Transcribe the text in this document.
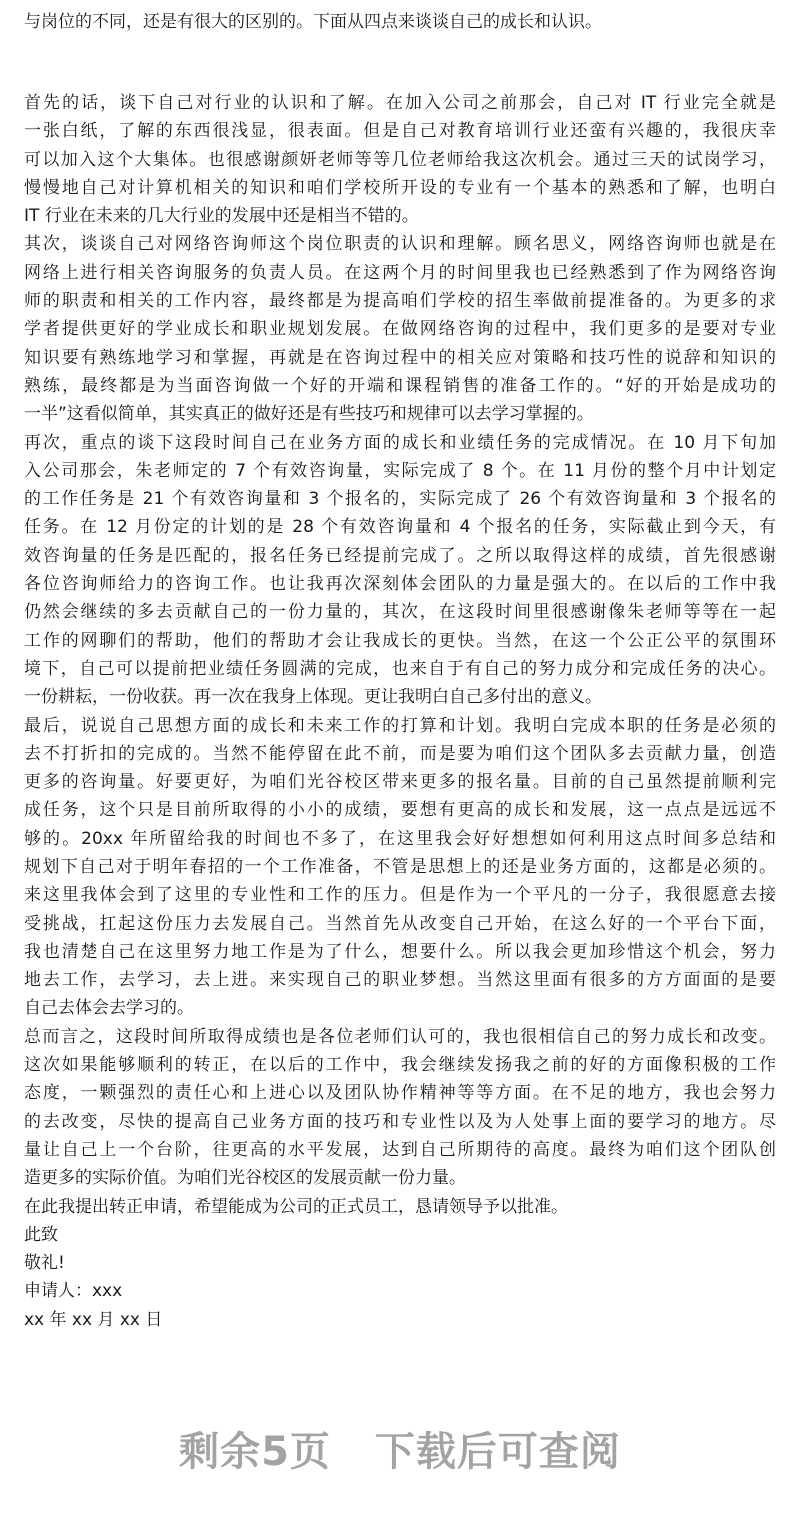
与岗位的不同，还是有很大的区别的。下面从四点来谈谈自己的成长和认识。
首先的话，谈下自己对行业的认识和了解。在加入公司之前那会，自己对 IT 行业完全就是
一张白纸，了解的东西很浅显，很表面。但是自己对教育培训行业还蛮有兴趣的，我很庆幸
可以加入这个大集体。也很感谢颜妍老师等等几位老师给我这次机会。通过三天的试岗学习，
慢慢地自己对计算机相关的知识和咱们学校所开设的专业有一个基本的熟悉和了解，也明白
IT 行业在未来的几大行业的发展中还是相当不错的。
其次，谈谈自己对网络咨询师这个岗位职责的认识和理解。顾名思义，网络咨询师也就是在
网络上进行相关咨询服务的负责人员。在这两个月的时间里我也已经熟悉到了作为网络咨询
师的职责和相关的工作内容，最终都是为提高咱们学校的招生率做前提准备的。为更多的求
学者提供更好的学业成长和职业规划发展。在做网络咨询的过程中，我们更多的是要对专业
知识要有熟练地学习和掌握，再就是在咨询过程中的相关应对策略和技巧性的说辞和知识的
熟练，最终都是为当面咨询做一个好的开端和课程销售的准备工作的。“好的开始是成功的
一半”这看似简单，其实真正的做好还是有些技巧和规律可以去学习掌握的。
再次，重点的谈下这段时间自己在业务方面的成长和业绩任务的完成情况。在 10 月下旬加
入公司那会，朱老师定的 7 个有效咨询量，实际完成了 8 个。在 11 月份的整个月中计划定
的工作任务是 21 个有效咨询量和 3 个报名的，实际完成了 26 个有效咨询量和 3 个报名的
任务。在 12 月份定的计划的是 28 个有效咨询量和 4 个报名的任务，实际截止到今天，有
效咨询量的任务是匹配的，报名任务已经提前完成了。之所以取得这样的成绩，首先很感谢
各位咨询师给力的咨询工作。也让我再次深刻体会团队的力量是强大的。在以后的工作中我
仍然会继续的多去贡献自己的一份力量的，其次，在这段时间里很感谢像朱老师等等在一起
工作的网聊们的帮助，他们的帮助才会让我成长的更快。当然，在这一个公正公平的氛围环
境下，自己可以提前把业绩任务圆满的完成，也来自于有自己的努力成分和完成任务的决心。
一份耕耘，一份收获。再一次在我身上体现。更让我明白自己多付出的意义。
最后，说说自己思想方面的成长和未来工作的打算和计划。我明白完成本职的任务是必须的
去不打折扣的完成的。当然不能停留在此不前，而是要为咱们这个团队多去贡献力量，创造
更多的咨询量。好要更好，为咱们光谷校区带来更多的报名量。目前的自己虽然提前顺利完
成任务，这个只是目前所取得的小小的成绩，要想有更高的成长和发展，这一点点是远远不
够的。20xx 年所留给我的时间也不多了，在这里我会好好想想如何利用这点时间多总结和
规划下自己对于明年春招的一个工作准备，不管是思想上的还是业务方面的，这都是必须的。
来这里我体会到了这里的专业性和工作的压力。但是作为一个平凡的一分子，我很愿意去接
受挑战，扛起这份压力去发展自己。当然首先从改变自己开始，在这么好的一个平台下面，
我也清楚自己在这里努力地工作是为了什么，想要什么。所以我会更加珍惜这个机会，努力
地去工作，去学习，去上进。来实现自己的职业梦想。当然这里面有很多的方方面面的是要
自己去体会去学习的。
总而言之，这段时间所取得成绩也是各位老师们认可的，我也很相信自己的努力成长和改变。
这次如果能够顺利的转正，在以后的工作中，我会继续发扬我之前的好的方面像积极的工作
态度，一颗强烈的责任心和上进心以及团队协作精神等等方面。在不足的地方，我也会努力
的去改变，尽快的提高自己业务方面的技巧和专业性以及为人处事上面的要学习的地方。尽
量让自己上一个台阶，往更高的水平发展，达到自己所期待的高度。最终为咱们这个团队创
造更多的实际价值。为咱们光谷校区的发展贡献一份力量。
在此我提出转正申请，希望能成为公司的正式员工，恳请领导予以批准。
此致
敬礼!
申请人：xxx
xx 年 xx 月 xx 日
剩余5页 下载后可查阅
